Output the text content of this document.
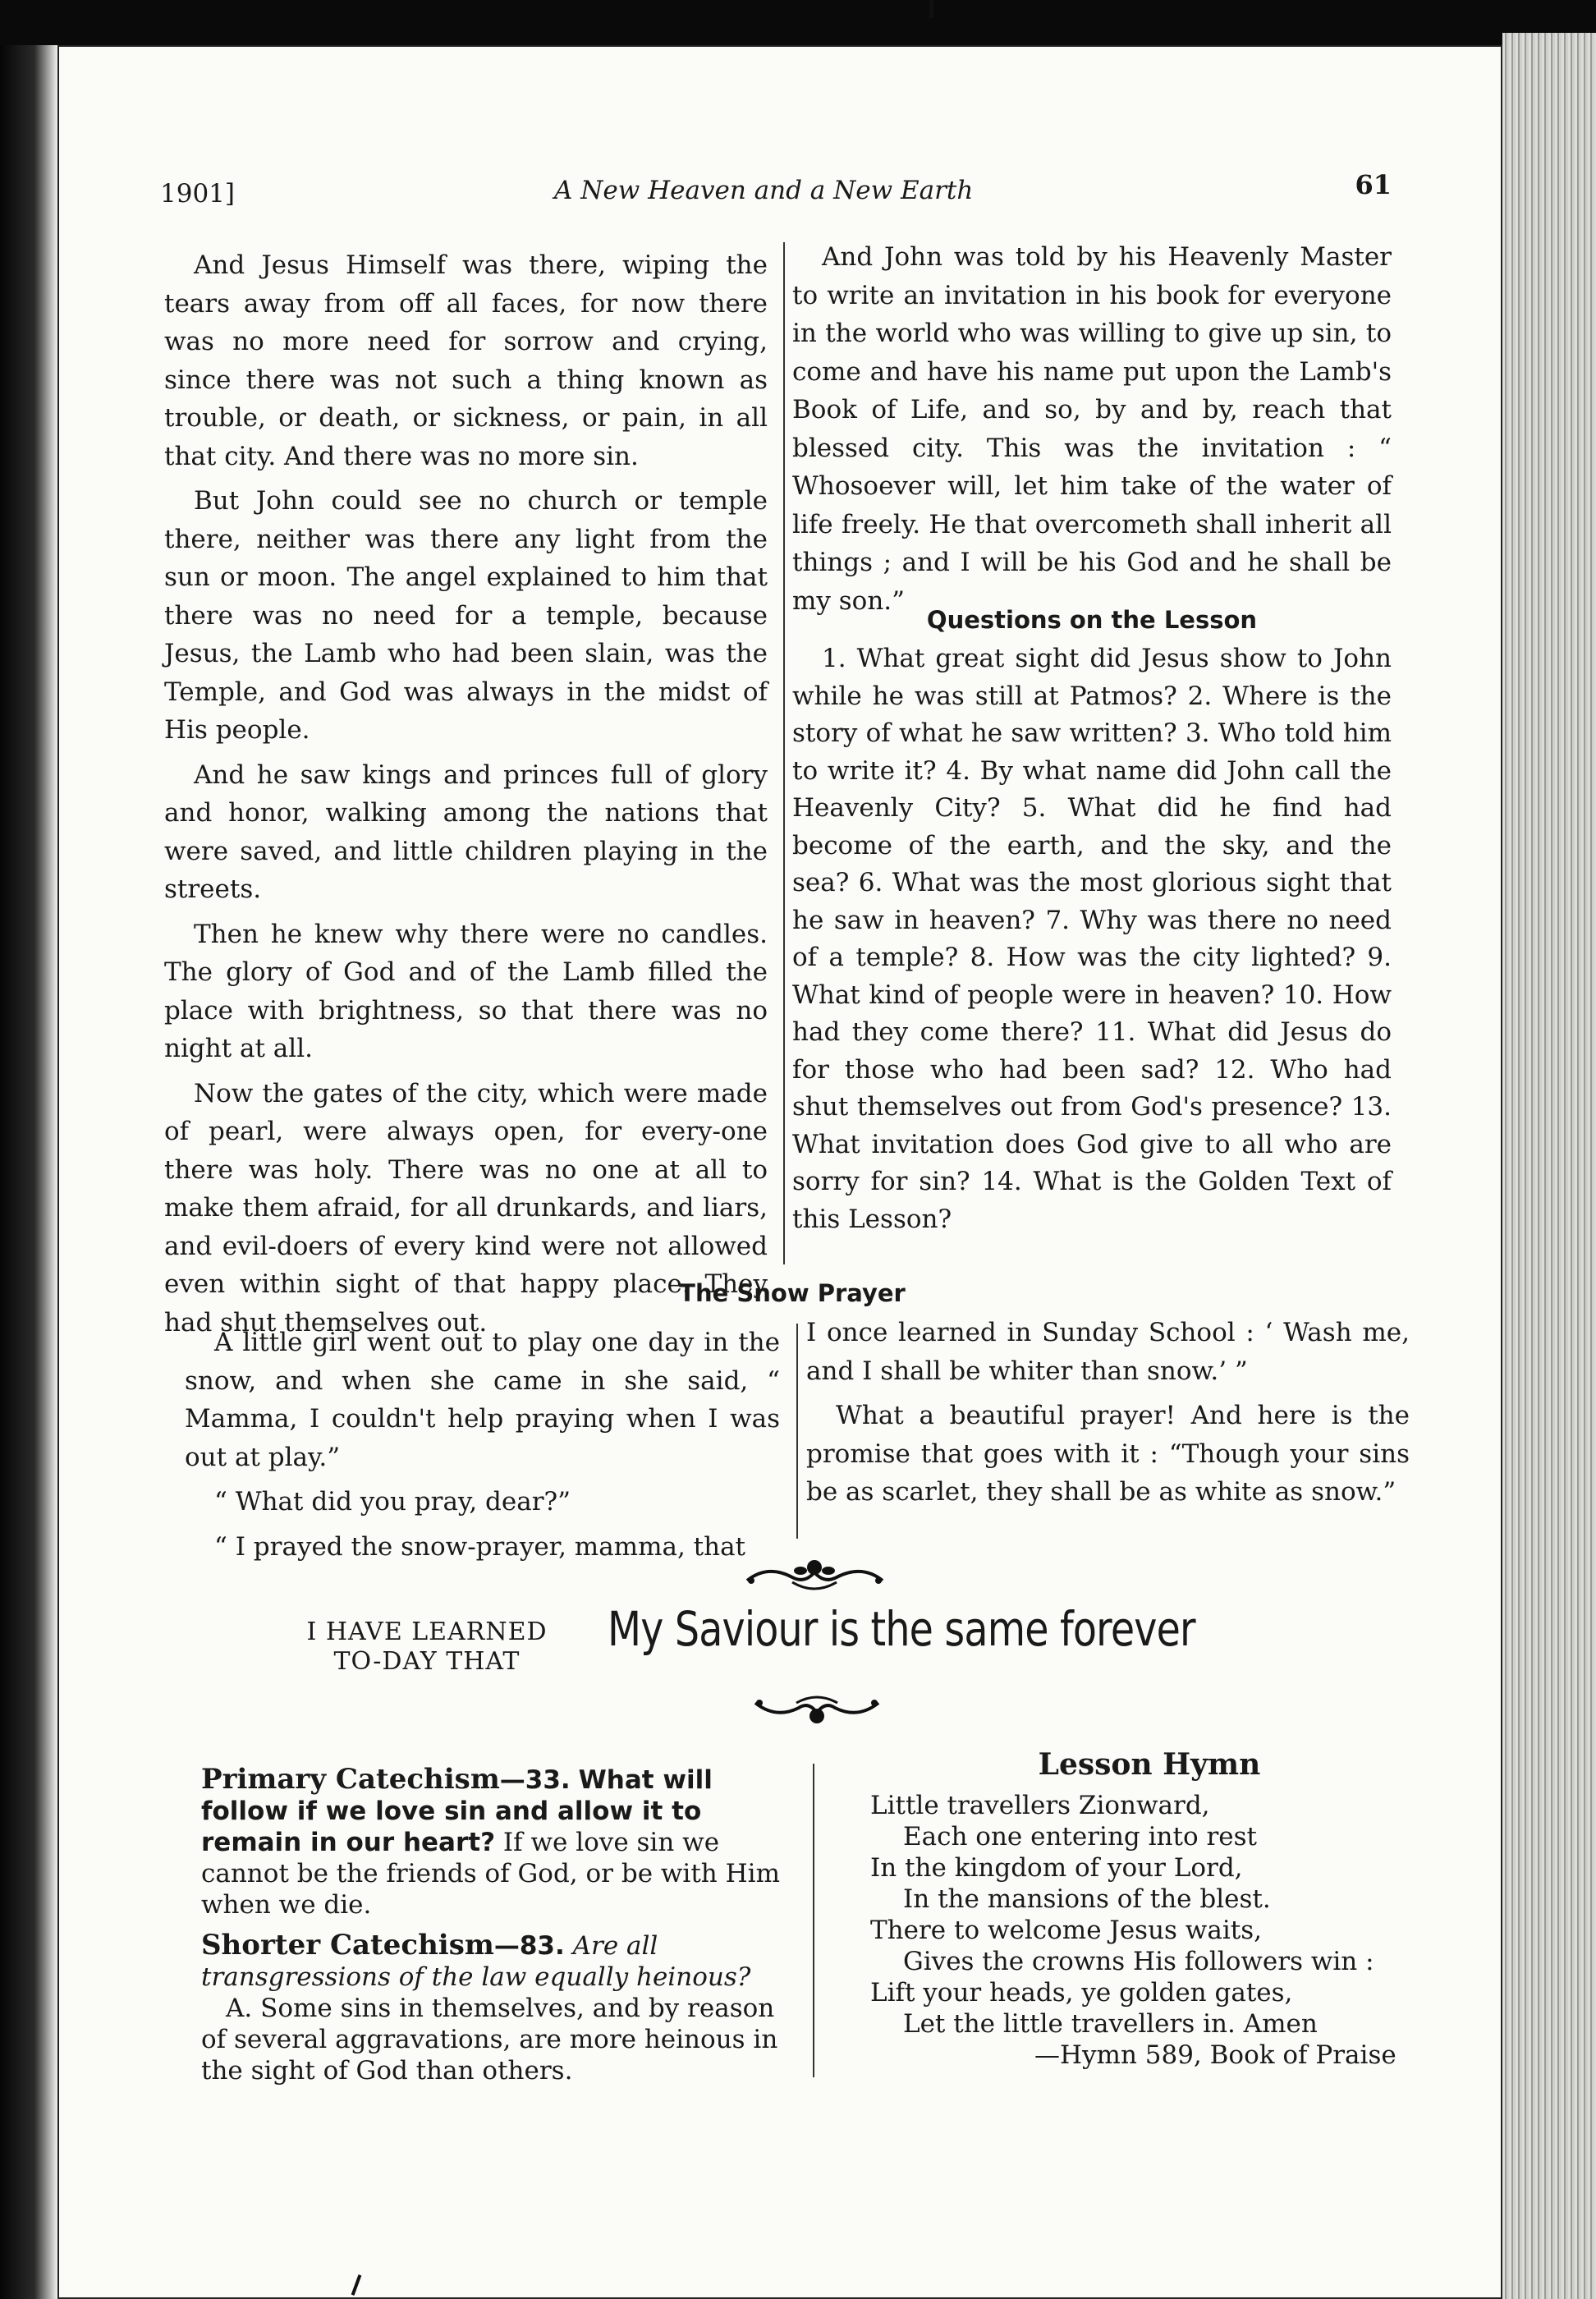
1901]	A New Heaven and a New Earth	61

And Jesus Himself was there, wiping the tears away from off all faces, for now there was no more need for sorrow and crying, since there was not such a thing known as trouble, or death, or sickness, or pain, in all that city. And there was no more sin.

But John could see no church or temple there, neither was there any light from the sun or moon. The angel explained to him that there was no need for a temple, because Jesus, the Lamb who had been slain, was the Temple, and God was always in the midst of His people.

And he saw kings and princes full of glory and honor, walking among the nations that were saved, and little children playing in the streets.

Then he knew why there were no candles. The glory of God and of the Lamb filled the place with brightness, so that there was no night at all.

Now the gates of the city, which were made of pearl, were always open, for every-one there was holy. There was no one at all to make them afraid, for all drunkards, and liars, and evil-doers of every kind were not allowed even within sight of that happy place. They had shut themselves out.

And John was told by his Heavenly Master to write an invitation in his book for everyone in the world who was willing to give up sin, to come and have his name put upon the Lamb's Book of Life, and so, by and by, reach that blessed city. This was the invitation : “ Whosoever will, let him take of the water of life freely. He that overcometh shall inherit all things ; and I will be his God and he shall be my son.”

Questions on the Lesson

1. What great sight did Jesus show to John while he was still at Patmos? 2. Where is the story of what he saw written? 3. Who told him to write it? 4. By what name did John call the Heavenly City? 5. What did he find had become of the earth, and the sky, and the sea? 6. What was the most glorious sight that he saw in heaven? 7. Why was there no need of a temple? 8. How was the city lighted? 9. What kind of people were in heaven? 10. How had they come there? 11. What did Jesus do for those who had been sad? 12. Who had shut themselves out from God's presence? 13. What invitation does God give to all who are sorry for sin? 14. What is the Golden Text of this Lesson?

The Snow Prayer

A little girl went out to play one day in the snow, and when she came in she said, “ Mamma, I couldn't help praying when I was out at play.”

“ What did you pray, dear?”

“ I prayed the snow-prayer, mamma, that

I once learned in Sunday School : ‘ Wash me, and I shall be whiter than snow.’ ”

What a beautiful prayer! And here is the promise that goes with it : “Though your sins be as scarlet, they shall be as white as snow.”

I HAVE LEARNED
TO-DAY THAT
My Saviour is the same forever
Primary Catechism—33. What will follow if we love sin and allow it to remain in our heart? If we love sin we cannot be the friends of God, or be with Him when we die.
Shorter Catechism—83. Are all transgressions of the law equally heinous?
A. Some sins in themselves, and by reason of several aggravations, are more heinous in the sight of God than others.
Lesson Hymn
Little travellers Zionward,
Each one entering into rest
In the kingdom of your Lord,
In the mansions of the blest.
There to welcome Jesus waits,
Gives the crowns His followers win :
Lift your heads, ye golden gates,
Let the little travellers in. Amen
—Hymn 589, Book of Praise
